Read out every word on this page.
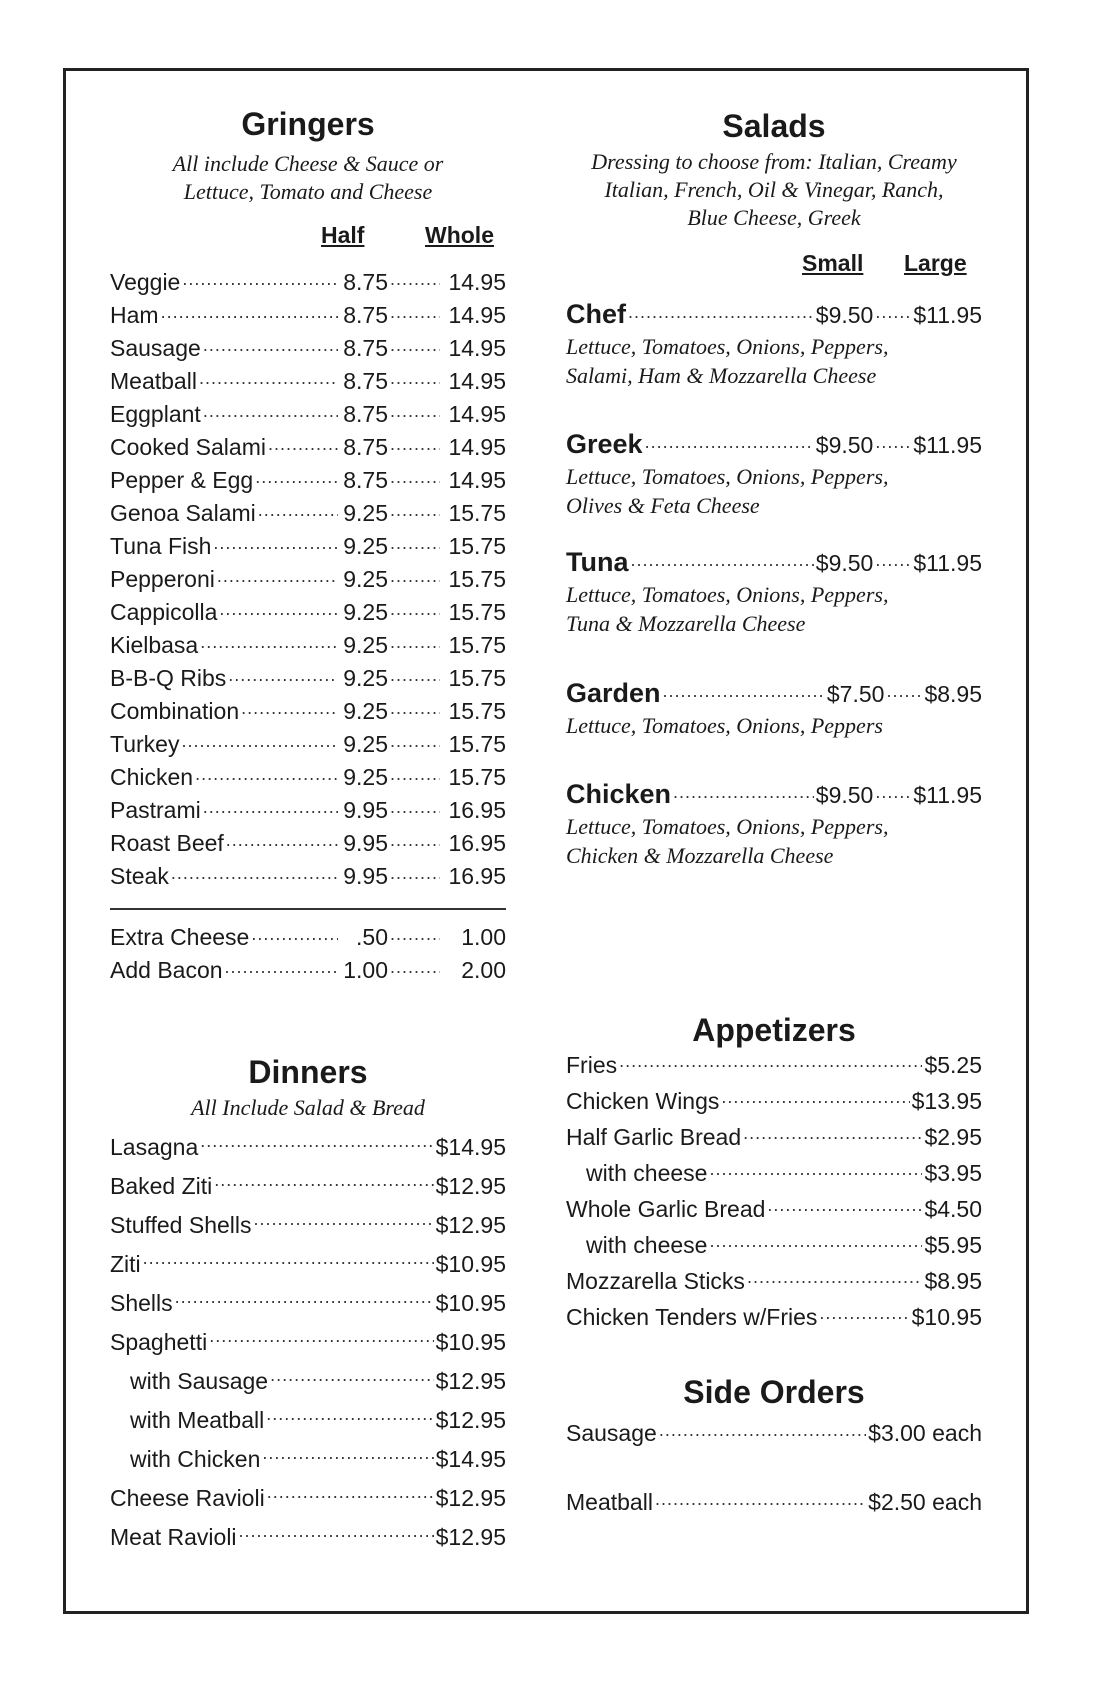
Gringers

All include Cheese & Sauce or

Lettuce, Tomato and Cheese

Half	Whole
Veggie .....	8.75 .....	14.95
Ham .....	8.75 .....	14.95
Sausage .....	8.75 .....	14.95
Meatball .....	8.75 .....	14.95
Eggplant .....	8.75 .....	14.95
Cooked Salami .....	8.75 .....	14.95
Pepper & Egg .....	8.75 .....	14.95
Genoa Salami .....	9.25 .....	15.75
Tuna Fish .....	9.25 .....	15.75
Pepperoni .....	9.25 .....	15.75
Cappicolla .....	9.25 .....	15.75
Kielbasa .....	9.25 .....	15.75
B-B-Q Ribs .....	9.25 .....	15.75
Combination .....	9.25 .....	15.75
Turkey .....	9.25 .....	15.75
Chicken .....	9.25 .....	15.75
Pastrami .....	9.95 .....	16.95
Roast Beef .....	9.95 .....	16.95
Steak .....	9.95 .....	16.95
Extra Cheese .....	.50 .....	1.00
Add Bacon .....	1.00 .....	2.00
Dinners

All Include Salad & Bread

Lasagna .....	$14.95
Baked Ziti .....	$12.95
Stuffed Shells .....	$12.95
Ziti .....	$10.95
Shells .....	$10.95
Spaghetti .....	$10.95
with Sausage .....	$12.95
with Meatball .....	$12.95
with Chicken .....	$14.95
Cheese Ravioli .....	$12.95
Meat Ravioli .....	$12.95
Salads

Dressing to choose from: Italian, Creamy

Italian, French, Oil & Vinegar, Ranch,

Blue Cheese, Greek

Small Large
Chef .....	$9.50 ..... $11.95

Lettuce, Tomatoes, Onions, Peppers,

Salami, Ham & Mozzarella Cheese

Greek .....	$9.50 ..... $11.95

Lettuce, Tomatoes, Onions, Peppers,

Olives & Feta Cheese

Tuna .....	$9.50 ..... $11.95

Lettuce, Tomatoes, Onions, Peppers,

Tuna & Mozzarella Cheese

Garden .....	$7.50 ..... $8.95

Lettuce, Tomatoes, Onions, Peppers

Chicken .....	$9.50 ..... $11.95

Lettuce, Tomatoes, Onions, Peppers,

Chicken & Mozzarella Cheese

Appetizers
Fries .....	$5.25
Chicken Wings .....	$13.95
Half Garlic Bread .....	$2.95
with cheese .....	$3.95
Whole Garlic Bread .....	$4.50
with cheese .....	$5.95
Mozzarella Sticks .....	$8.95
Chicken Tenders w/Fries .....	$10.95
Side Orders
Sausage .....	$3.00 each
Meatball .....	$2.50 each
